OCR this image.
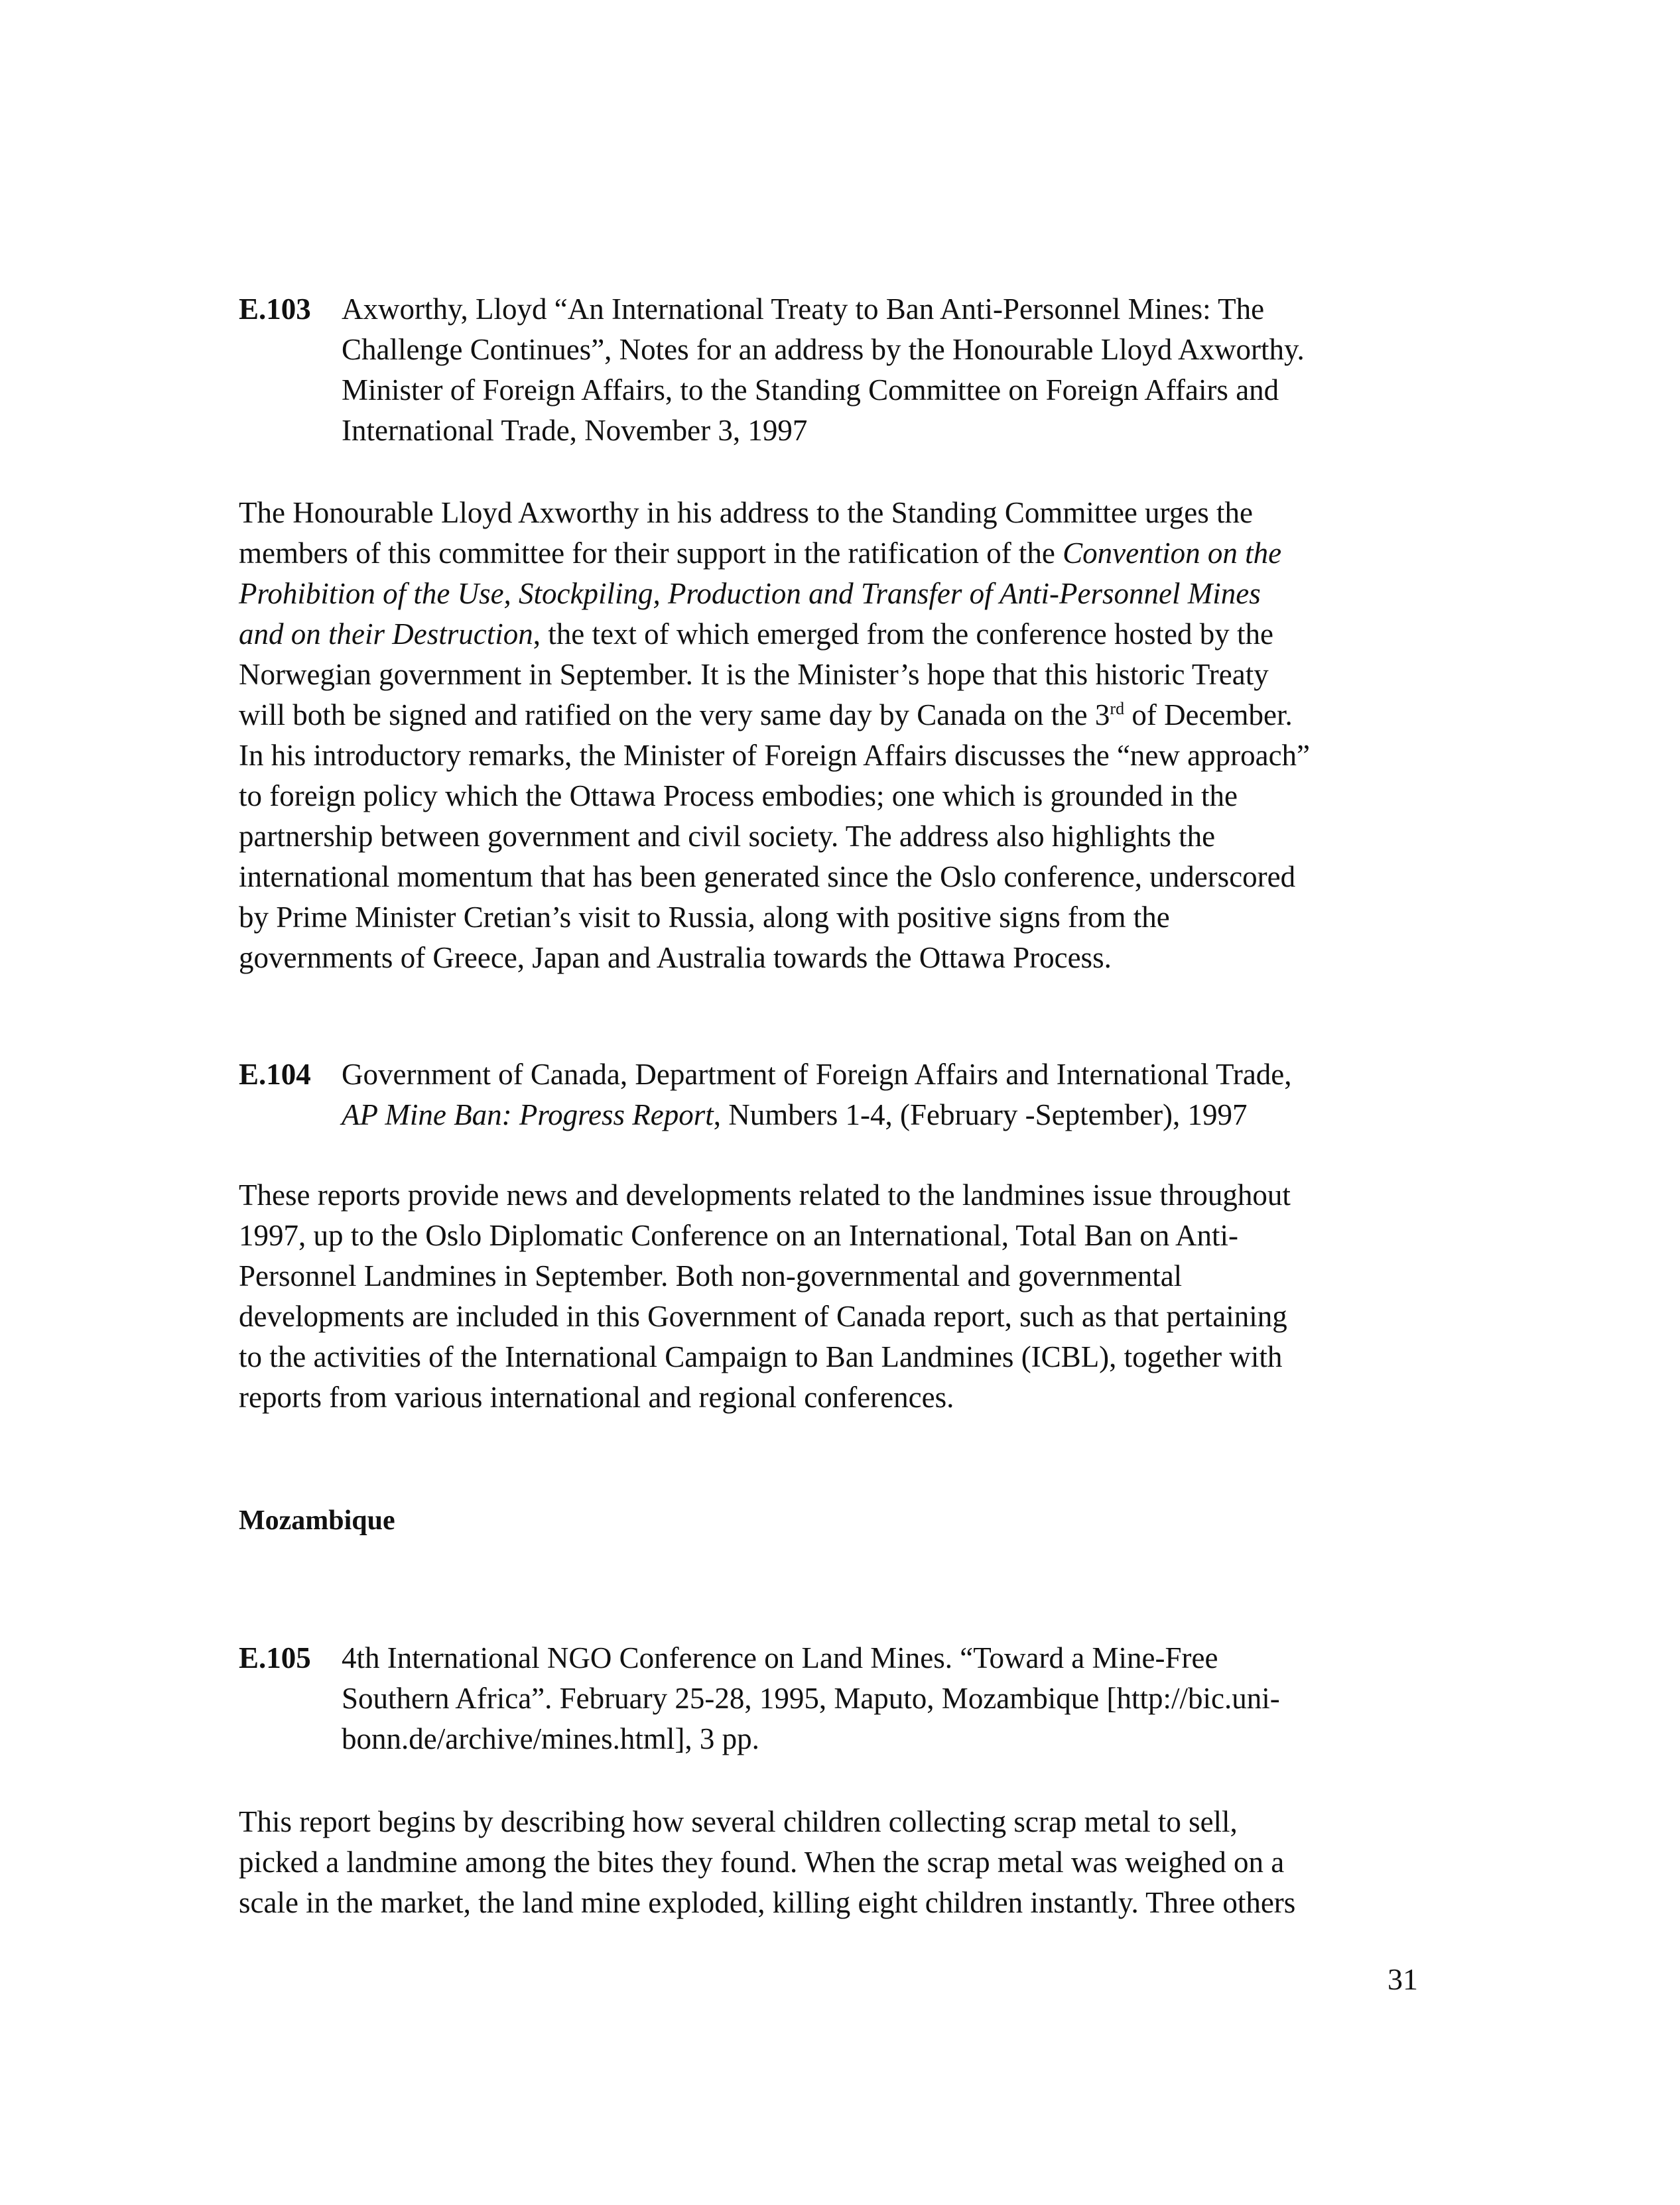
E.103 Axworthy, Lloyd “An International Treaty to Ban Anti-Personnel Mines: The
Challenge Continues”, Notes for an address by the Honourable Lloyd Axworthy.
Minister of Foreign Affairs, to the Standing Committee on Foreign Affairs and
International Trade, November 3, 1997
The Honourable Lloyd Axworthy in his address to the Standing Committee urges the
members of this committee for their support in the ratification of the Convention on the
Prohibition of the Use, Stockpiling, Production and Transfer of Anti-Personnel Mines
and on their Destruction, the text of which emerged from the conference hosted by the
Norwegian government in September. It is the Minister’s hope that this historic Treaty
will both be signed and ratified on the very same day by Canada on the 3rd of December.
In his introductory remarks, the Minister of Foreign Affairs discusses the “new approach”
to foreign policy which the Ottawa Process embodies; one which is grounded in the
partnership between government and civil society. The address also highlights the
international momentum that has been generated since the Oslo conference, underscored
by Prime Minister Cretian’s visit to Russia, along with positive signs from the
governments of Greece, Japan and Australia towards the Ottawa Process.
E.104 Government of Canada, Department of Foreign Affairs and International Trade,
AP Mine Ban: Progress Report, Numbers 1-4, (February -September), 1997
These reports provide news and developments related to the landmines issue throughout
1997, up to the Oslo Diplomatic Conference on an International, Total Ban on Anti-
Personnel Landmines in September. Both non-governmental and governmental
developments are included in this Government of Canada report, such as that pertaining
to the activities of the International Campaign to Ban Landmines (ICBL), together with
reports from various international and regional conferences.
Mozambique
E.105 4th International NGO Conference on Land Mines. “Toward a Mine-Free
Southern Africa”. February 25-28, 1995, Maputo, Mozambique [http://bic.uni-
bonn.de/archive/mines.html], 3 pp.
This report begins by describing how several children collecting scrap metal to sell,
picked a landmine among the bites they found. When the scrap metal was weighed on a
scale in the market, the land mine exploded, killing eight children instantly. Three others
31
